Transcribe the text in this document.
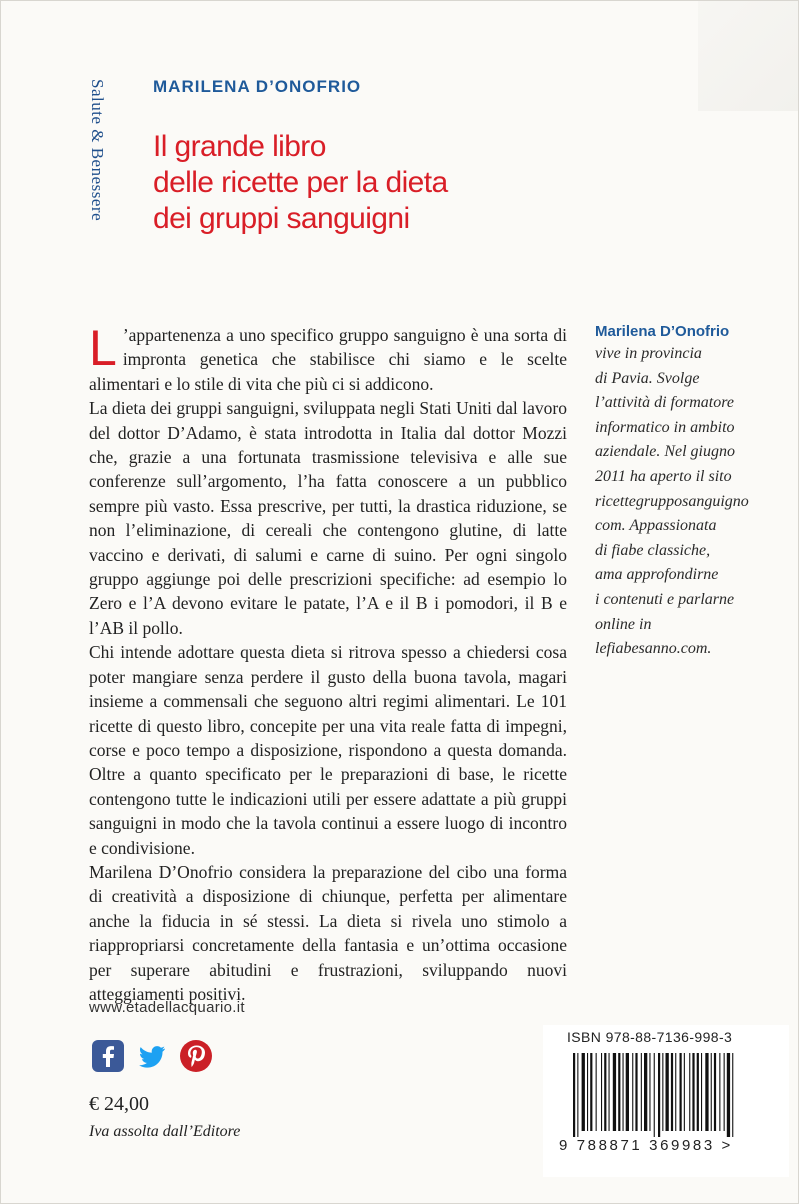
Salute & Benessere	MARILENA D’ONOFRIO
Il grande libro
delle ricette per la dieta
dei gruppi sanguigni

L ’appartenenza a uno specifico gruppo sanguigno è una sorta di impronta genetica che stabilisce chi siamo e le scelte alimentari e lo stile di vita che più ci si addicono.

La dieta dei gruppi sanguigni, sviluppata negli Stati Uniti dal lavoro del dottor D’Adamo, è stata introdotta in Italia dal dottor Mozzi che, grazie a una fortunata trasmissione televisiva e alle sue conferenze sull’argomento, l’ha fatta conoscere a un pubblico sempre più vasto. Essa prescrive, per tutti, la drastica riduzione, se non l’eliminazione, di cereali che contengono glutine, di latte vaccino e derivati, di salumi e carne di suino. Per ogni singolo gruppo aggiunge poi delle prescrizioni specifiche: ad esempio lo Zero e l’A devono evitare le patate, l’A e il B i pomodori, il B e l’AB il pollo.

Chi intende adottare questa dieta si ritrova spesso a chiedersi cosa poter mangiare senza perdere il gusto della buona tavola, magari insieme a commensali che seguono altri regimi alimentari. Le 101 ricette di questo libro, concepite per una vita reale fatta di impegni, corse e poco tempo a disposizione, rispondono a questa domanda. Oltre a quanto specificato per le preparazioni di base, le ricette contengono tutte le indicazioni utili per essere adattate a più gruppi sanguigni in modo che la tavola continui a essere luogo di incontro e condivisione.

Marilena D’Onofrio considera la preparazione del cibo una forma di creatività a disposizione di chiunque, perfetta per alimentare anche la fiducia in sé stessi. La dieta si rivela uno stimolo a riappropriarsi concretamente della fantasia e un’ottima occasione per superare abitudini e frustrazioni, sviluppando nuovi atteggiamenti positivi.

Marilena D’Onofrio
vive in provincia
di Pavia. Svolge
l’attività di formatore
informatico in ambito
aziendale. Nel giugno
2011 ha aperto il sito
ricettegrupposanguigno
com. Appassionata
di fiabe classiche,
ama approfondirne
i contenuti e parlarne
online in
lefiabesanno.com.
www.etadellacquario.it
€ 24,00
Iva assolta dall’Editore
ISBN 978-88-7136-998-3
9 788871 369983 >
